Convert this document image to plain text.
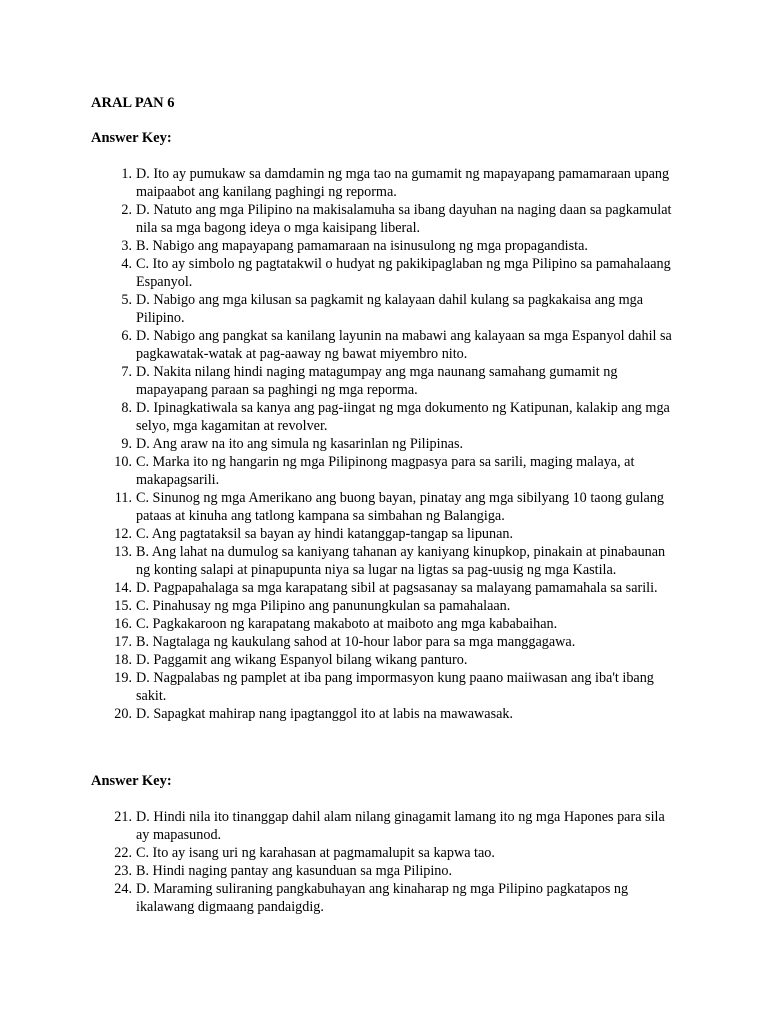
ARAL PAN 6
Answer Key:
1. D. Ito ay pumukaw sa damdamin ng mga tao na gumamit ng mapayapang pamamaraan upang maipaabot ang kanilang paghingi ng reporma.
2. D. Natuto ang mga Pilipino na makisalamuha sa ibang dayuhan na naging daan sa pagkamulat nila sa mga bagong ideya o mga kaisipang liberal.
3. B. Nabigo ang mapayapang pamamaraan na isinusulong ng mga propagandista.
4. C. Ito ay simbolo ng pagtatakwil o hudyat ng pakikipaglaban ng mga Pilipino sa pamahalaang Espanyol.
5. D. Nabigo ang mga kilusan sa pagkamit ng kalayaan dahil kulang sa pagkakaisa ang mga Pilipino.
6. D. Nabigo ang pangkat sa kanilang layunin na mabawi ang kalayaan sa mga Espanyol dahil sa pagkawatak-watak at pag-aaway ng bawat miyembro nito.
7. D. Nakita nilang hindi naging matagumpay ang mga naunang samahang gumamit ng mapayapang paraan sa paghingi ng mga reporma.
8. D. Ipinagkatiwala sa kanya ang pag-iingat ng mga dokumento ng Katipunan, kalakip ang mga selyo, mga kagamitan at revolver.
9. D. Ang araw na ito ang simula ng kasarinlan ng Pilipinas.
10. C. Marka ito ng hangarin ng mga Pilipinong magpasya para sa sarili, maging malaya, at makapagsarili.
11. C. Sinunog ng mga Amerikano ang buong bayan, pinatay ang mga sibilyang 10 taong gulang pataas at kinuha ang tatlong kampana sa simbahan ng Balangiga.
12. C. Ang pagtataksil sa bayan ay hindi katanggap-tangap sa lipunan.
13. B. Ang lahat na dumulog sa kaniyang tahanan ay kaniyang kinupkop, pinakain at pinabaunan ng konting salapi at pinapupunta niya sa lugar na ligtas sa pag-uusig ng mga Kastila.
14. D. Pagpapahalaga sa mga karapatang sibil at pagsasanay sa malayang pamamahala sa sarili.
15. C. Pinahusay ng mga Pilipino ang panunungkulan sa pamahalaan.
16. C. Pagkakaroon ng karapatang makaboto at maiboto ang mga kababaihan.
17. B. Nagtalaga ng kaukulang sahod at 10-hour labor para sa mga manggagawa.
18. D. Paggamit ang wikang Espanyol bilang wikang panturo.
19. D. Nagpalabas ng pamplet at iba pang impormasyon kung paano maiiwasan ang iba't ibang sakit.
20. D. Sapagkat mahirap nang ipagtanggol ito at labis na mawawasak.
Answer Key:
21. D. Hindi nila ito tinanggap dahil alam nilang ginagamit lamang ito ng mga Hapones para sila ay mapasunod.
22. C. Ito ay isang uri ng karahasan at pagmamalupit sa kapwa tao.
23. B. Hindi naging pantay ang kasunduan sa mga Pilipino.
24. D. Maraming suliraning pangkabuhayan ang kinaharap ng mga Pilipino pagkatapos ng ikalawang digmaang pandaigdig.
